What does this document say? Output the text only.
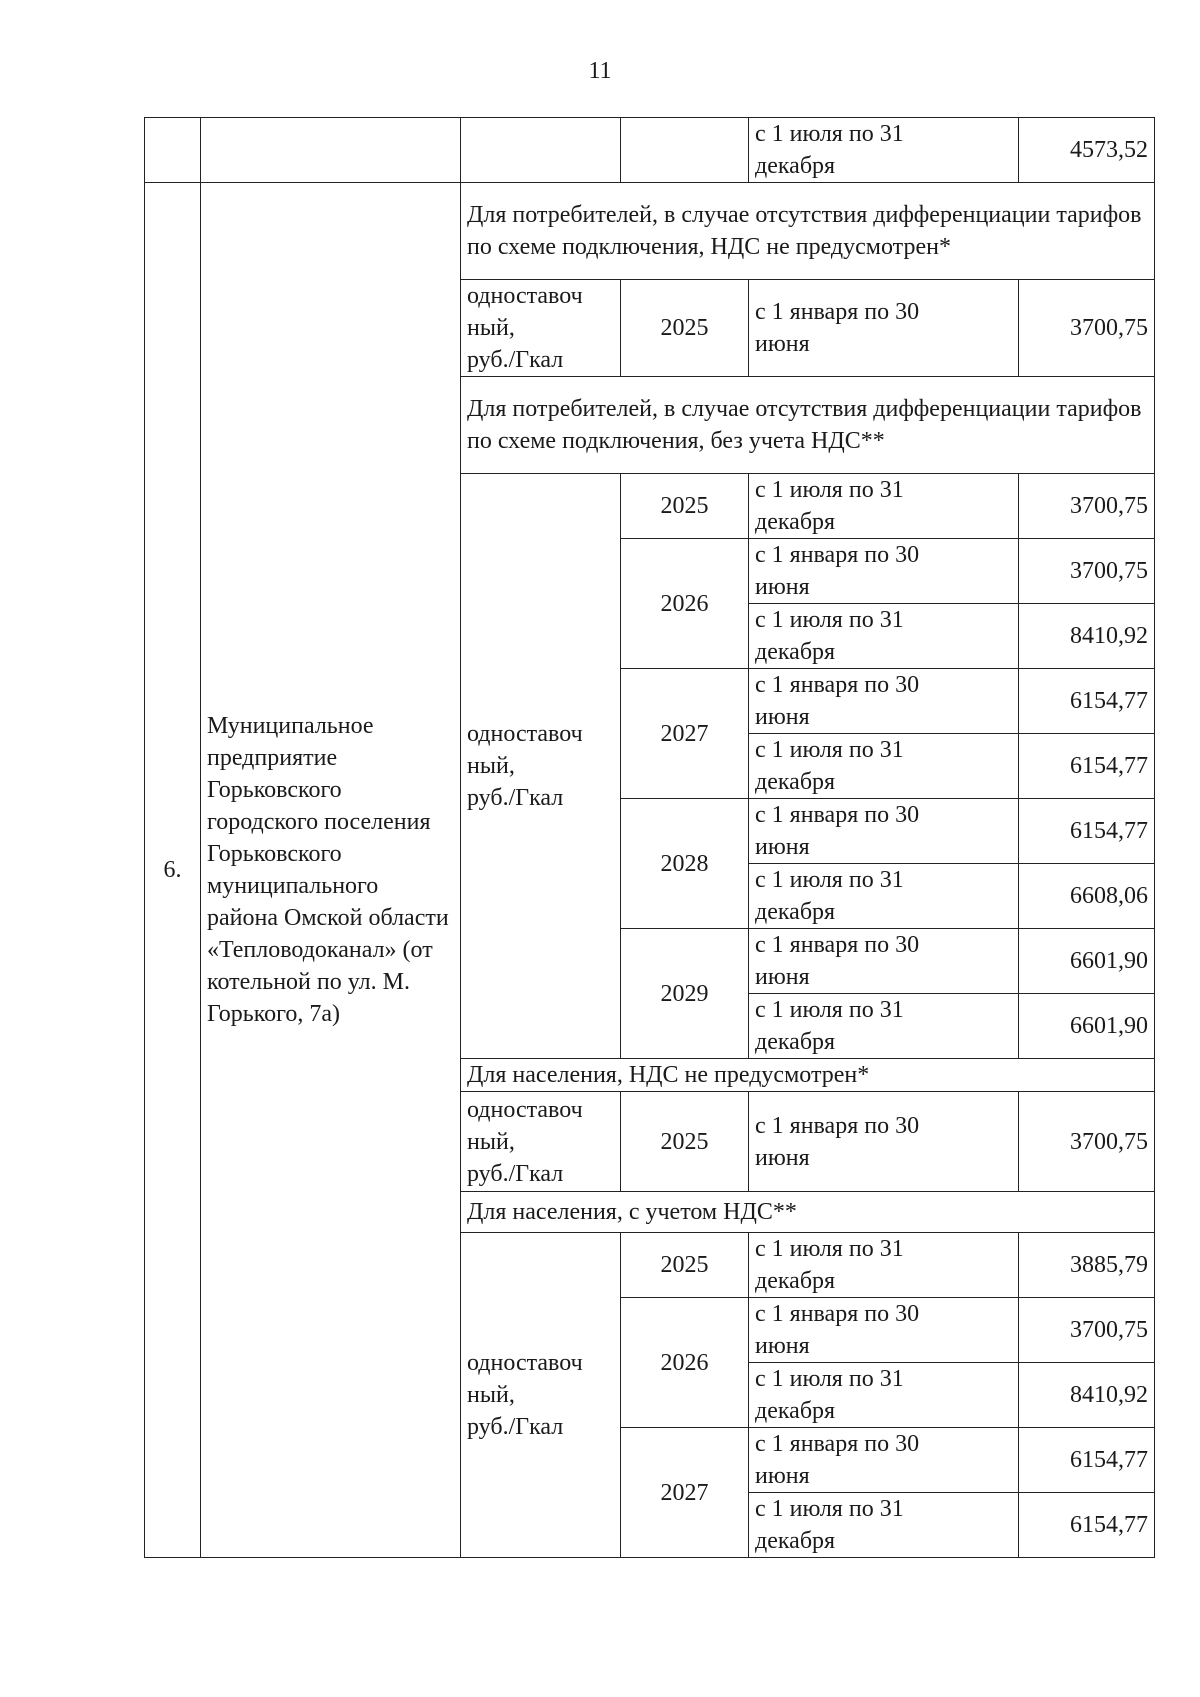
11

				с 1 июля по 31
декабря	4573,52
6.	Муниципальное предприятие Горьковского городского поселения Горьковского муниципального района Омской области «Тепловодоканал» (от котельной по ул. М. Горького, 7а)	Для потребителей, в случае отсутствия дифференциации тарифов по схеме подключения, НДС не предусмотрен*			

		одноставоч
ный,
руб./Гкал	2025	с 1 января по 30
июня	3700,75
		Для потребителей, в случае отсутствия дифференциации тарифов по схеме подключения, без учета НДС**			

		одноставоч
ный,
руб./Гкал	2025	с 1 июля по 31
декабря	3700,75
			2026	с 1 января по 30
июня	3700,75

				с 1 июля по 31
декабря	8410,92
			2027	с 1 января по 30
июня	6154,77

				с 1 июля по 31
декабря	6154,77
			2028	с 1 января по 30
июня	6154,77

				с 1 июля по 31
декабря	6608,06
			2029	с 1 января по 30
июня	6601,90

				с 1 июля по 31
декабря	6601,90
		Для населения, НДС не предусмотрен*			

		одноставоч
ный,
руб./Гкал	2025	с 1 января по 30
июня	3700,75
		Для населения, с учетом НДС**			

		одноставоч
ный,
руб./Гкал	2025	с 1 июля по 31
декабря	3885,79
			2026	с 1 января по 30
июня	3700,75

				с 1 июля по 31
декабря	8410,92
			2027	с 1 января по 30
июня	6154,77

				с 1 июля по 31
декабря	6154,77
